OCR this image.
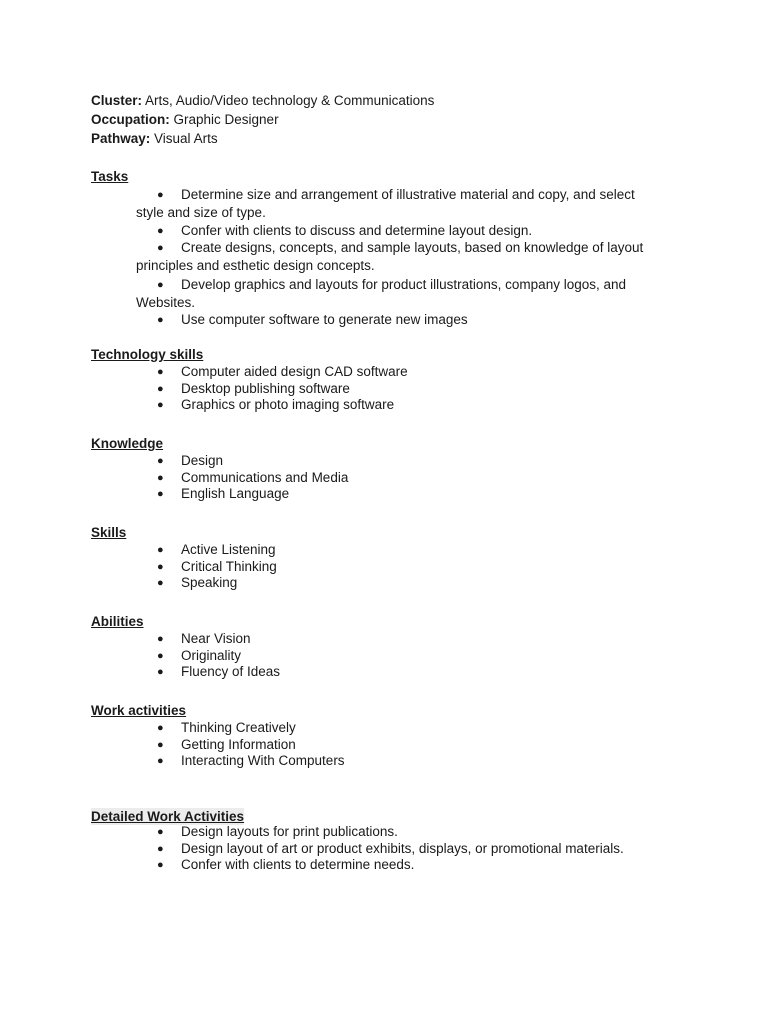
Cluster: Arts, Audio/Video technology & Communications
Occupation: Graphic Designer
Pathway: Visual Arts
Tasks
●	Determine size and arrangement of illustrative material and copy, and select style and size of type.
● Confer with clients to discuss and determine layout design.
●	Create designs, concepts, and sample layouts, based on knowledge of layout principles and esthetic design concepts.
●	Develop graphics and layouts for product illustrations, company logos, and Websites.
● Use computer software to generate new images
Technology skills
● Computer aided design CAD software
● Desktop publishing software
● Graphics or photo imaging software
Knowledge
● Design
● Communications and Media
● English Language
Skills
● Active Listening
● Critical Thinking
● Speaking
Abilities
● Near Vision
● Originality
● Fluency of Ideas
Work activities
● Thinking Creatively
● Getting Information
● Interacting With Computers
Detailed Work Activities
● Design layouts for print publications.
● Design layout of art or product exhibits, displays, or promotional materials.
● Confer with clients to determine needs.
